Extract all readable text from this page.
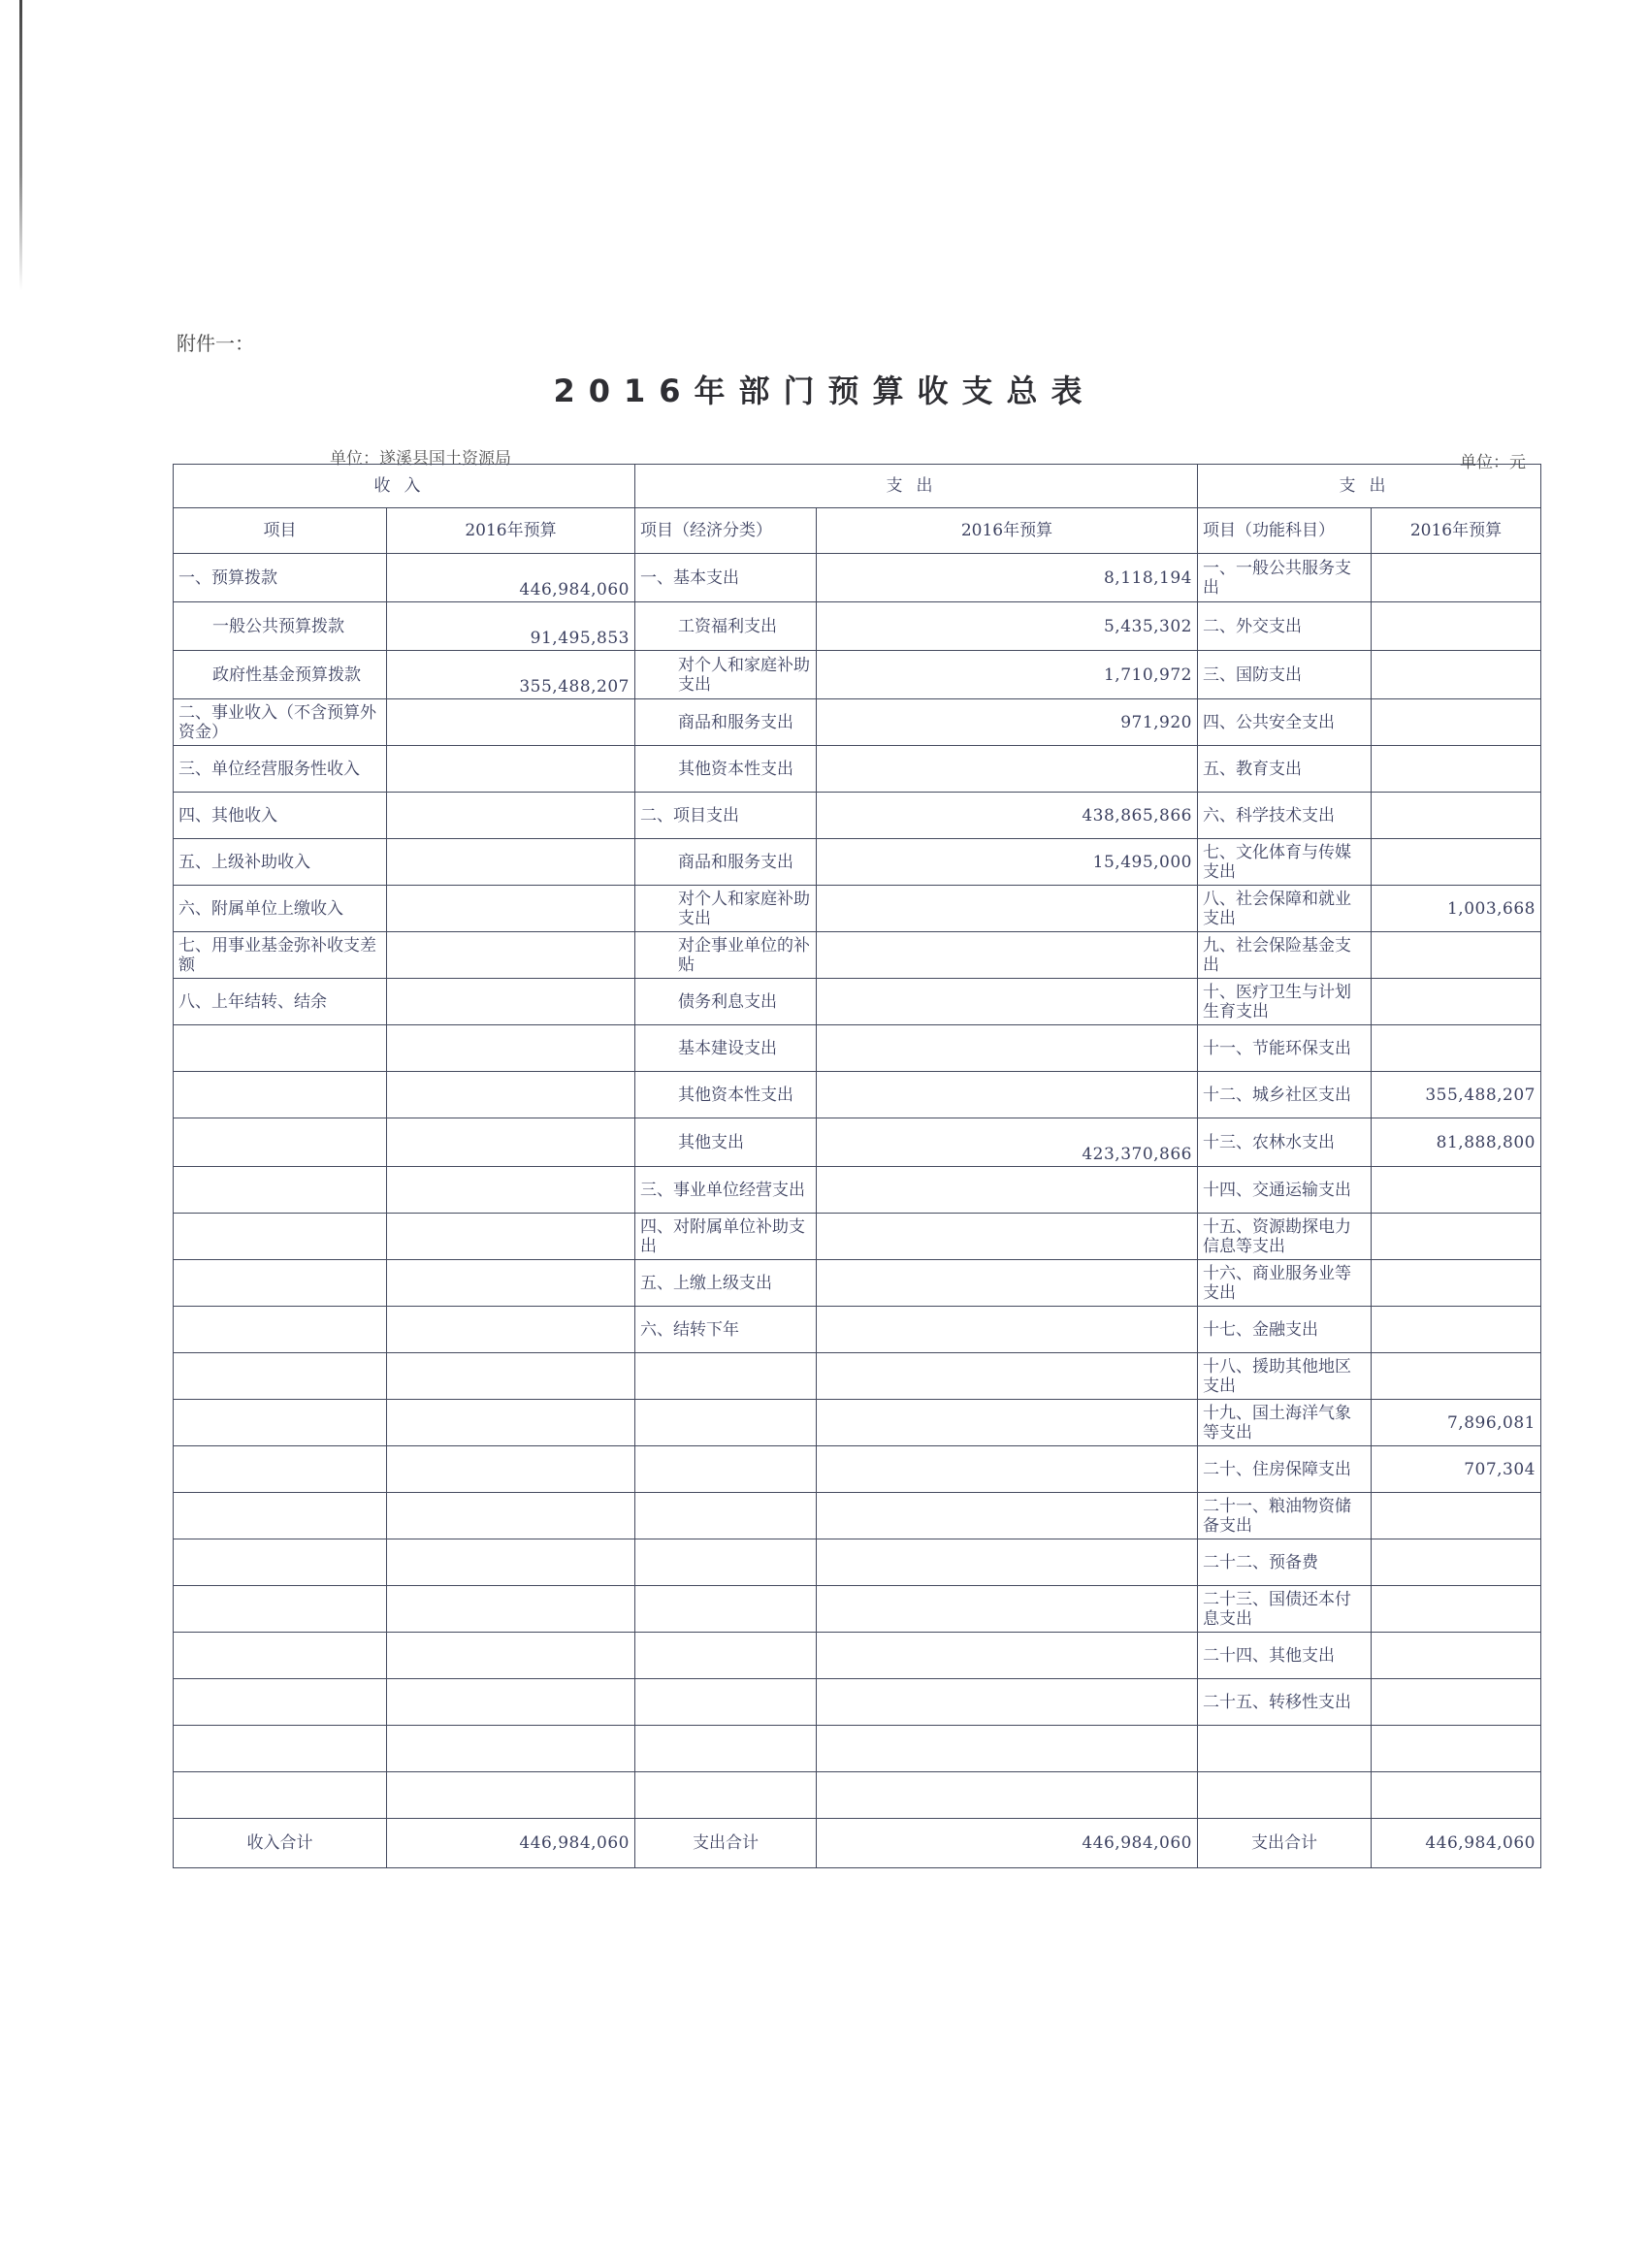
附件一：
2016年部门预算收支总表
单位：遂溪县国土资源局	单位：元
收入		支出		支出	
项目	2016年预算	项目（经济分类）	2016年预算	项目（功能科目）	2016年预算
一、预算拨款	446,984,060	一、基本支出	8,118,194	一、一般公共服务支出	
一般公共预算拨款	91,495,853	工资福利支出	5,435,302	二、外交支出	
政府性基金预算拨款	355,488,207	对个人和家庭补助支出	1,710,972	三、国防支出	
二、事业收入（不含预算外资金）		商品和服务支出	971,920	四、公共安全支出	
三、单位经营服务性收入		其他资本性支出		五、教育支出	
四、其他收入		二、项目支出	438,865,866	六、科学技术支出	
五、上级补助收入		商品和服务支出	15,495,000	七、文化体育与传媒支出	
六、附属单位上缴收入		对个人和家庭补助支出		八、社会保障和就业支出	1,003,668
七、用事业基金弥补收支差额		对企事业单位的补贴		九、社会保险基金支出	
八、上年结转、结余		债务利息支出		十、医疗卫生与计划生育支出	
		基本建设支出		十一、节能环保支出	
		其他资本性支出		十二、城乡社区支出	355,488,207
		其他支出	423,370,866	十三、农林水支出	81,888,800
		三、事业单位经营支出		十四、交通运输支出	
		四、对附属单位补助支出		十五、资源勘探电力信息等支出	
		五、上缴上级支出		十六、商业服务业等支出	
		六、结转下年		十七、金融支出	
				十八、援助其他地区支出	
				十九、国土海洋气象等支出	7,896,081
				二十、住房保障支出	707,304
				二十一、粮油物资储备支出	
				二十二、预备费	
				二十三、国债还本付息支出	
				二十四、其他支出	
				二十五、转移性支出	

收入合计	446,984,060	支出合计	446,984,060	支出合计	446,984,060
